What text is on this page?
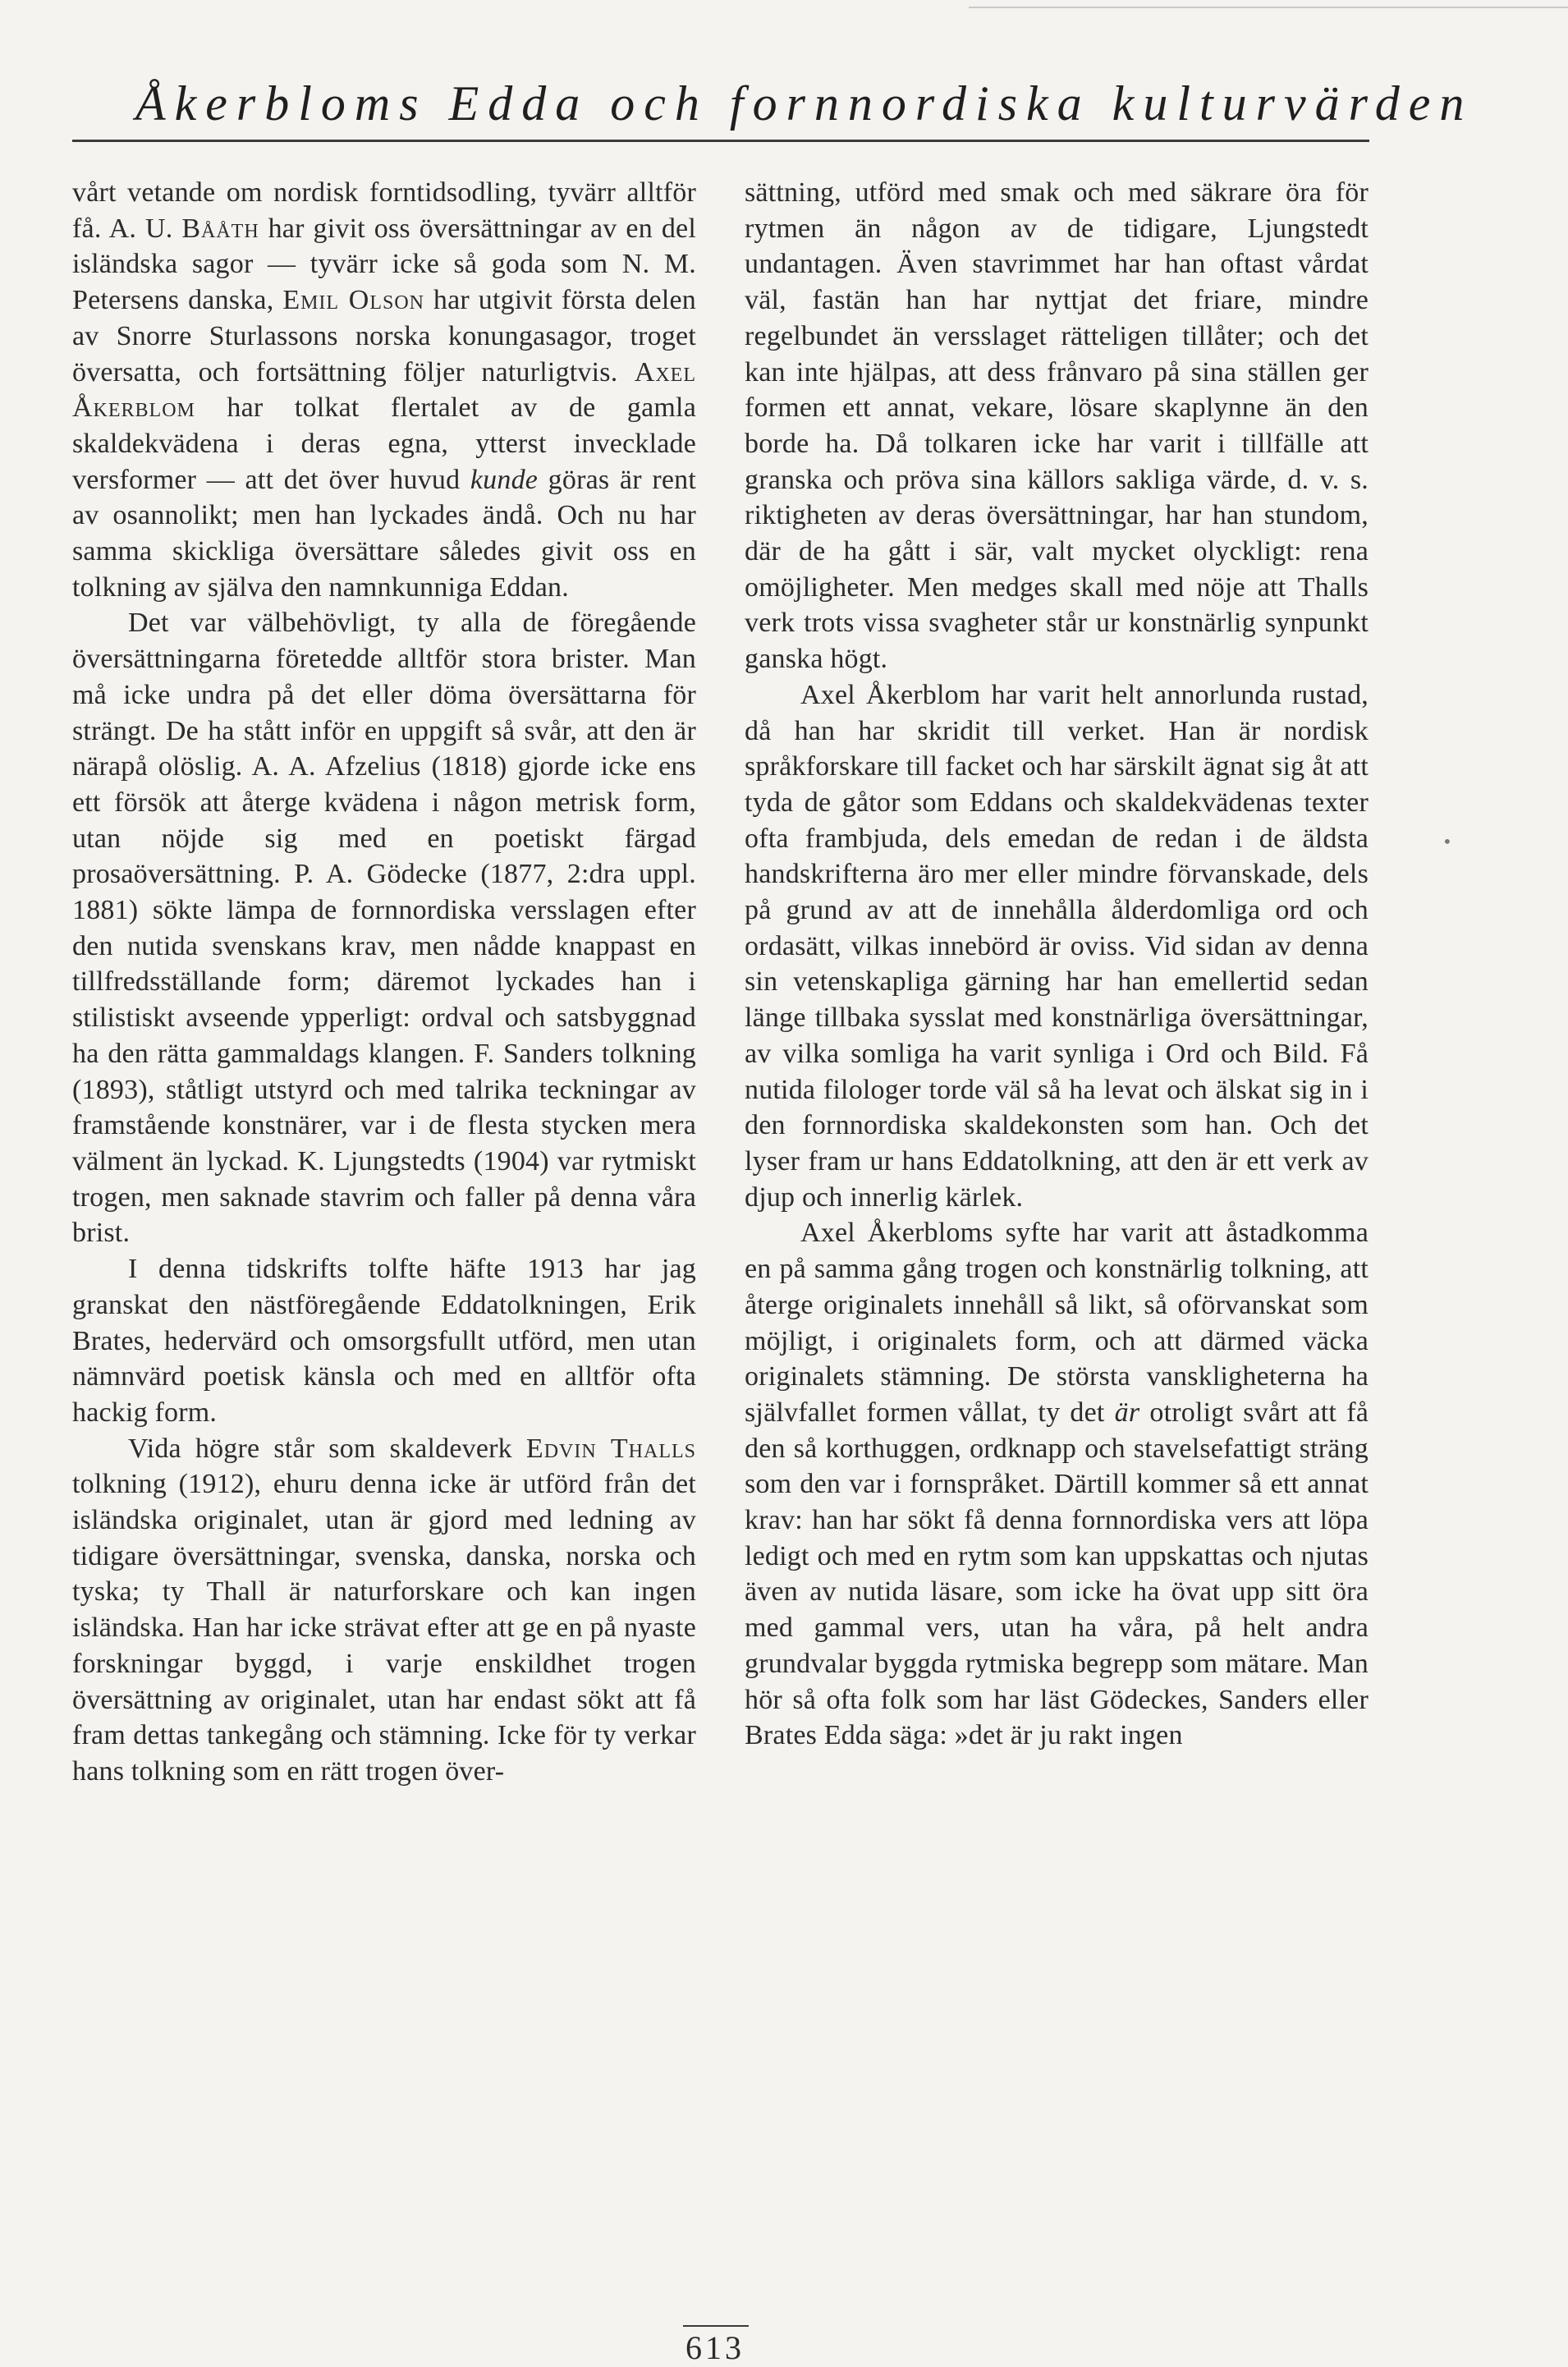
Åkerbloms Edda och fornnordiska kulturvärden

vårt vetande om nordisk forntidsodling, tyvärr alltför få. A. U. Bååth har givit oss översättningar av en del isländska sagor — tyvärr icke så goda som N. M. Petersens danska, Emil Olson har utgivit första delen av Snorre Sturlassons norska konungasagor, troget översatta, och fortsättning följer naturligtvis. Axel Åkerblom har tolkat flertalet av de gamla skaldekvädena i deras egna, ytterst invecklade versformer — att det över huvud kunde göras är rent av osannolikt; men han lyckades ändå. Och nu har samma skickliga översättare således givit oss en tolkning av själva den namnkunniga Eddan.

Det var välbehövligt, ty alla de föregående översättningarna företedde alltför stora brister. Man må icke undra på det eller döma översättarna för strängt. De ha stått inför en uppgift så svår, att den är närapå olöslig. A. A. Afzelius (1818) gjorde icke ens ett försök att återge kvädena i någon metrisk form, utan nöjde sig med en poetiskt färgad prosaöversättning. P. A. Gödecke (1877, 2:dra uppl. 1881) sökte lämpa de fornnordiska versslagen efter den nutida svenskans krav, men nådde knappast en tillfredsställande form; däremot lyckades han i stilistiskt avseende ypperligt: ordval och satsbyggnad ha den rätta gammaldags klangen. F. Sanders tolkning (1893), ståtligt utstyrd och med talrika teckningar av framstående konstnärer, var i de flesta stycken mera välment än lyckad. K. Ljungstedts (1904) var rytmiskt trogen, men saknade stavrim och faller på denna våra brist.

I denna tidskrifts tolfte häfte 1913 har jag granskat den nästföregående Eddatolkningen, Erik Brates, hedervärd och omsorgsfullt utförd, men utan nämnvärd poetisk känsla och med en alltför ofta hackig form.

Vida högre står som skaldeverk Edvin Thalls tolkning (1912), ehuru denna icke är utförd från det isländska originalet, utan är gjord med ledning av tidigare översättningar, svenska, danska, norska och tyska; ty Thall är naturforskare och kan ingen isländska. Han har icke strävat efter att ge en på nyaste forskningar byggd, i varje enskildhet trogen översättning av originalet, utan har endast sökt att få fram dettas tankegång och stämning. Icke för ty verkar hans tolkning som en rätt trogen över-

sättning, utförd med smak och med säkrare öra för rytmen än någon av de tidigare, Ljungstedt undantagen. Även stavrimmet har han oftast vårdat väl, fastän han har nyttjat det friare, mindre regelbundet än versslaget rätteligen tillåter; och det kan inte hjälpas, att dess frånvaro på sina ställen ger formen ett annat, vekare, lösare skaplynne än den borde ha. Då tolkaren icke har varit i tillfälle att granska och pröva sina källors sakliga värde, d. v. s. riktigheten av deras översättningar, har han stundom, där de ha gått i sär, valt mycket olyckligt: rena omöjligheter. Men medges skall med nöje att Thalls verk trots vissa svagheter står ur konstnärlig synpunkt ganska högt.

Axel Åkerblom har varit helt annorlunda rustad, då han har skridit till verket. Han är nordisk språkforskare till facket och har särskilt ägnat sig åt att tyda de gåtor som Eddans och skaldekvädenas texter ofta frambjuda, dels emedan de redan i de äldsta handskrifterna äro mer eller mindre förvanskade, dels på grund av att de innehålla ålderdomliga ord och ordasätt, vilkas innebörd är oviss. Vid sidan av denna sin vetenskapliga gärning har han emellertid sedan länge tillbaka sysslat med konstnärliga översättningar, av vilka somliga ha varit synliga i Ord och Bild. Få nutida filologer torde väl så ha levat och älskat sig in i den fornnordiska skaldekonsten som han. Och det lyser fram ur hans Eddatolkning, att den är ett verk av djup och innerlig kärlek.

Axel Åkerbloms syfte har varit att åstadkomma en på samma gång trogen och konstnärlig tolkning, att återge originalets innehåll så likt, så oförvanskat som möjligt, i originalets form, och att därmed väcka originalets stämning. De största vanskligheterna ha självfallet formen vållat, ty det är otroligt svårt att få den så korthuggen, ordknapp och stavelsefattigt sträng som den var i fornspråket. Därtill kommer så ett annat krav: han har sökt få denna fornnordiska vers att löpa ledigt och med en rytm som kan uppskattas och njutas även av nutida läsare, som icke ha övat upp sitt öra med gammal vers, utan ha våra, på helt andra grundvalar byggda rytmiska begrepp som mätare. Man hör så ofta folk som har läst Gödeckes, Sanders eller Brates Edda säga: »det är ju rakt ingen

•
613
